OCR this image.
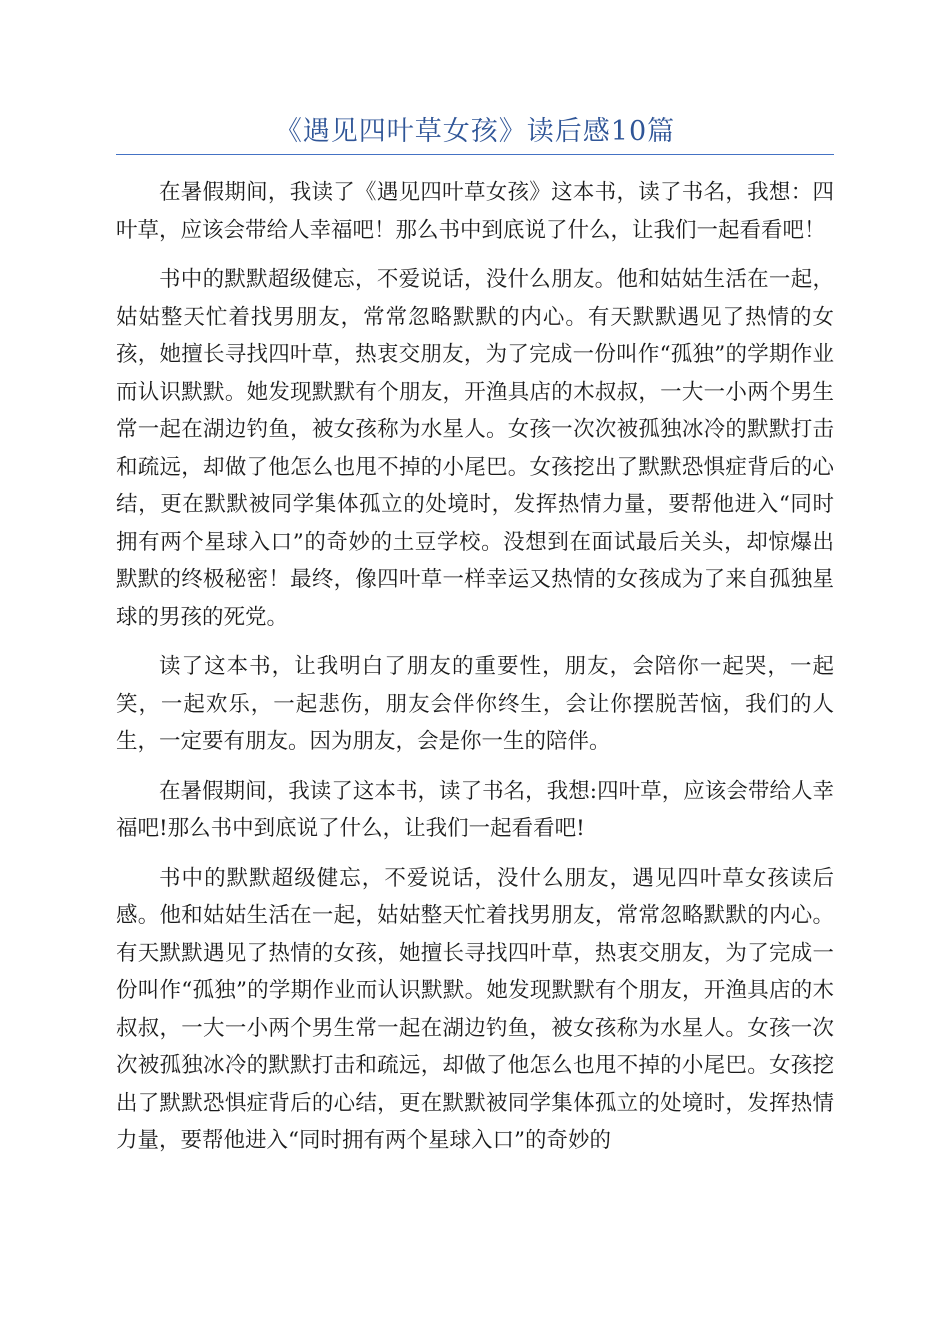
《遇见四叶草女孩》读后感10篇

在暑假期间，我读了《遇见四叶草女孩》这本书，读了书名，我想：四叶草，应该会带给人幸福吧！那么书中到底说了什么，让我们一起看看吧！

书中的默默超级健忘，不爱说话，没什么朋友。他和姑姑生活在一起，姑姑整天忙着找男朋友，常常忽略默默的内心。有天默默遇见了热情的女孩，她擅长寻找四叶草，热衷交朋友，为了完成一份叫作“孤独”的学期作业而认识默默。她发现默默有个朋友，开渔具店的木叔叔，一大一小两个男生常一起在湖边钓鱼，被女孩称为水星人。女孩一次次被孤独冰冷的默默打击和疏远，却做了他怎么也甩不掉的小尾巴。女孩挖出了默默恐惧症背后的心结，更在默默被同学集体孤立的处境时，发挥热情力量，要帮他进入“同时拥有两个星球入口”的奇妙的土豆学校。没想到在面试最后关头，却惊爆出默默的终极秘密！最终，像四叶草一样幸运又热情的女孩成为了来自孤独星球的男孩的死党。

读了这本书，让我明白了朋友的重要性，朋友，会陪你一起哭，一起笑，一起欢乐，一起悲伤，朋友会伴你终生，会让你摆脱苦恼，我们的人生，一定要有朋友。因为朋友，会是你一生的陪伴。

在暑假期间，我读了这本书，读了书名，我想:四叶草，应该会带给人幸福吧!那么书中到底说了什么，让我们一起看看吧!

书中的默默超级健忘，不爱说话，没什么朋友，遇见四叶草女孩读后感。他和姑姑生活在一起，姑姑整天忙着找男朋友，常常忽略默默的内心。有天默默遇见了热情的女孩，她擅长寻找四叶草，热衷交朋友，为了完成一份叫作“孤独”的学期作业而认识默默。她发现默默有个朋友，开渔具店的木叔叔，一大一小两个男生常一起在湖边钓鱼，被女孩称为水星人。女孩一次次被孤独冰冷的默默打击和疏远，却做了他怎么也甩不掉的小尾巴。女孩挖出了默默恐惧症背后的心结，更在默默被同学集体孤立的处境时，发挥热情力量，要帮他进入“同时拥有两个星球入口”的奇妙的
